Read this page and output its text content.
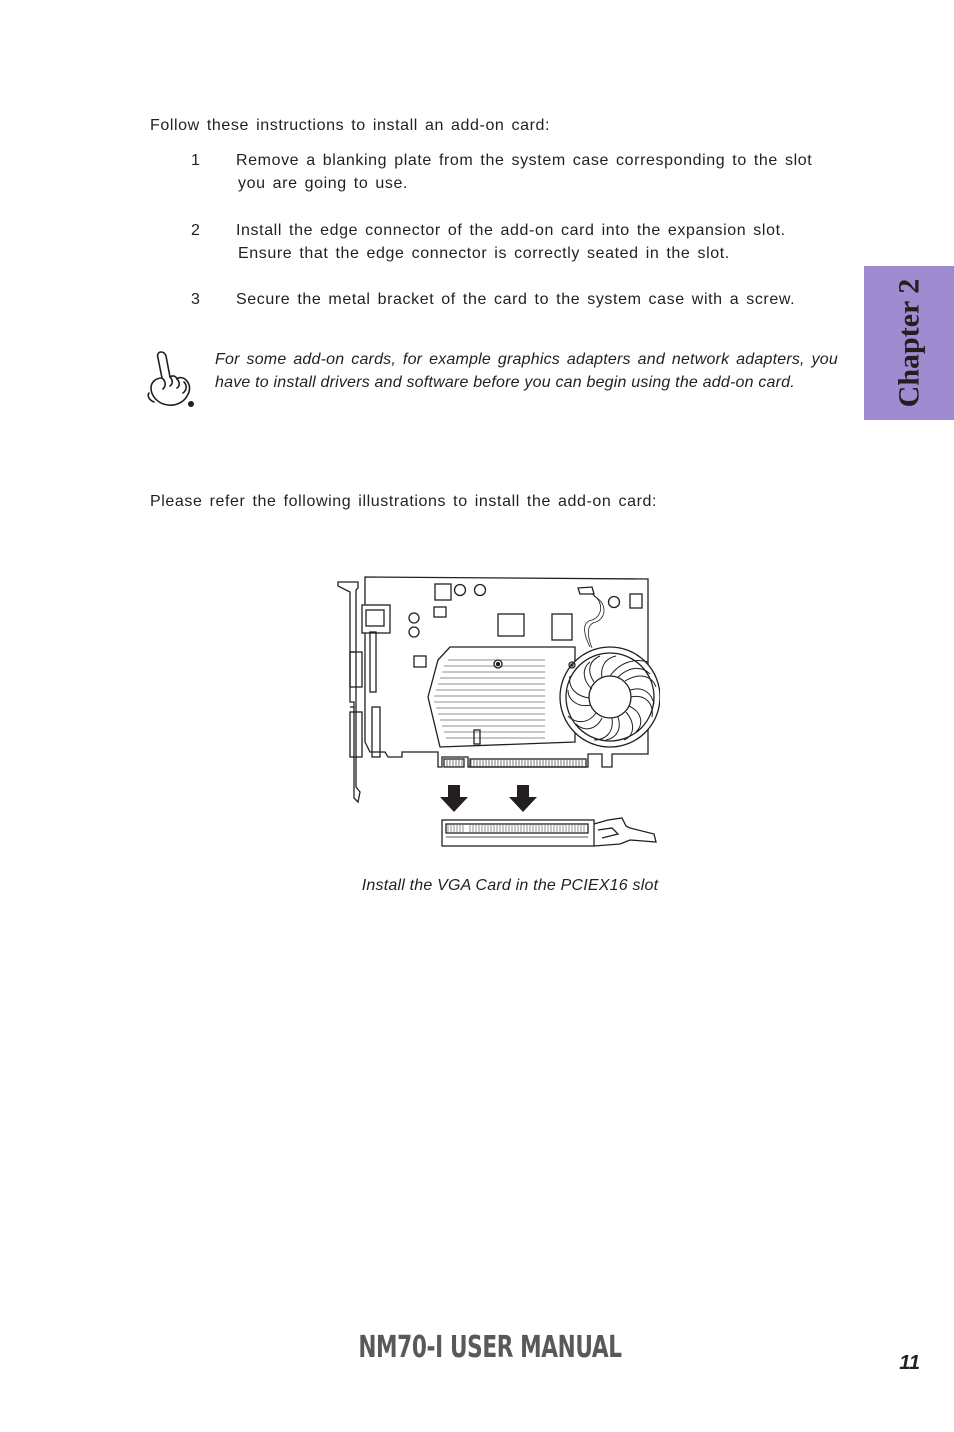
Follow these instructions to install an add-on card:
1 Remove a blanking plate from the system case corresponding to the slot
you are going to use.
2 Install the edge connector of the add-on card into the expansion slot.
Ensure that the edge connector is correctly seated in the slot.
3 Secure the metal bracket of the card to the system case with a screw.
For some add-on cards, for example graphics adapters and network adapters, you have to install drivers and software before you can begin using the add-on card.
Please refer the following illustrations to install the add-on card:
Install the VGA Card in the PCIEX16 slot
Chapter 2
NM70-I USER MANUAL	11
